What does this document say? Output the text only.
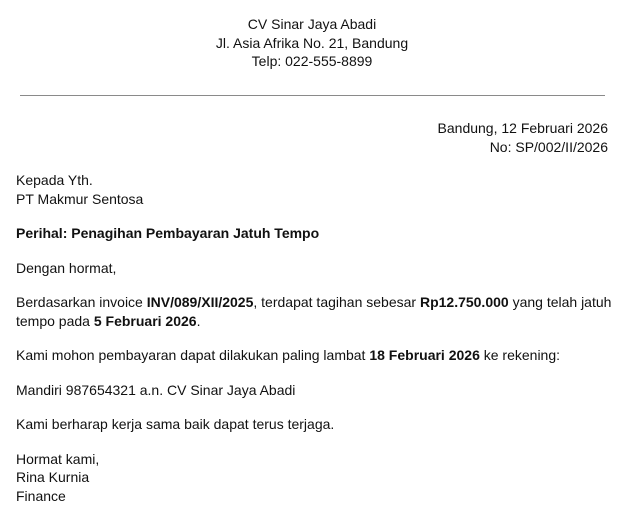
CV Sinar Jaya Abadi
Jl. Asia Afrika No. 21, Bandung
Telp: 022-555-8899
Bandung, 12 Februari 2026
No: SP/002/II/2026
Kepada Yth.
PT Makmur Sentosa

Perihal: Penagihan Pembayaran Jatuh Tempo

Dengan hormat,

Berdasarkan invoice INV/089/XII/2025, terdapat tagihan sebesar Rp12.750.000 yang telah jatuh tempo pada 5 Februari 2026.

Kami mohon pembayaran dapat dilakukan paling lambat 18 Februari 2026 ke rekening:

Mandiri 987654321 a.n. CV Sinar Jaya Abadi

Kami berharap kerja sama baik dapat terus terjaga.

Hormat kami,
Rina Kurnia
Finance
